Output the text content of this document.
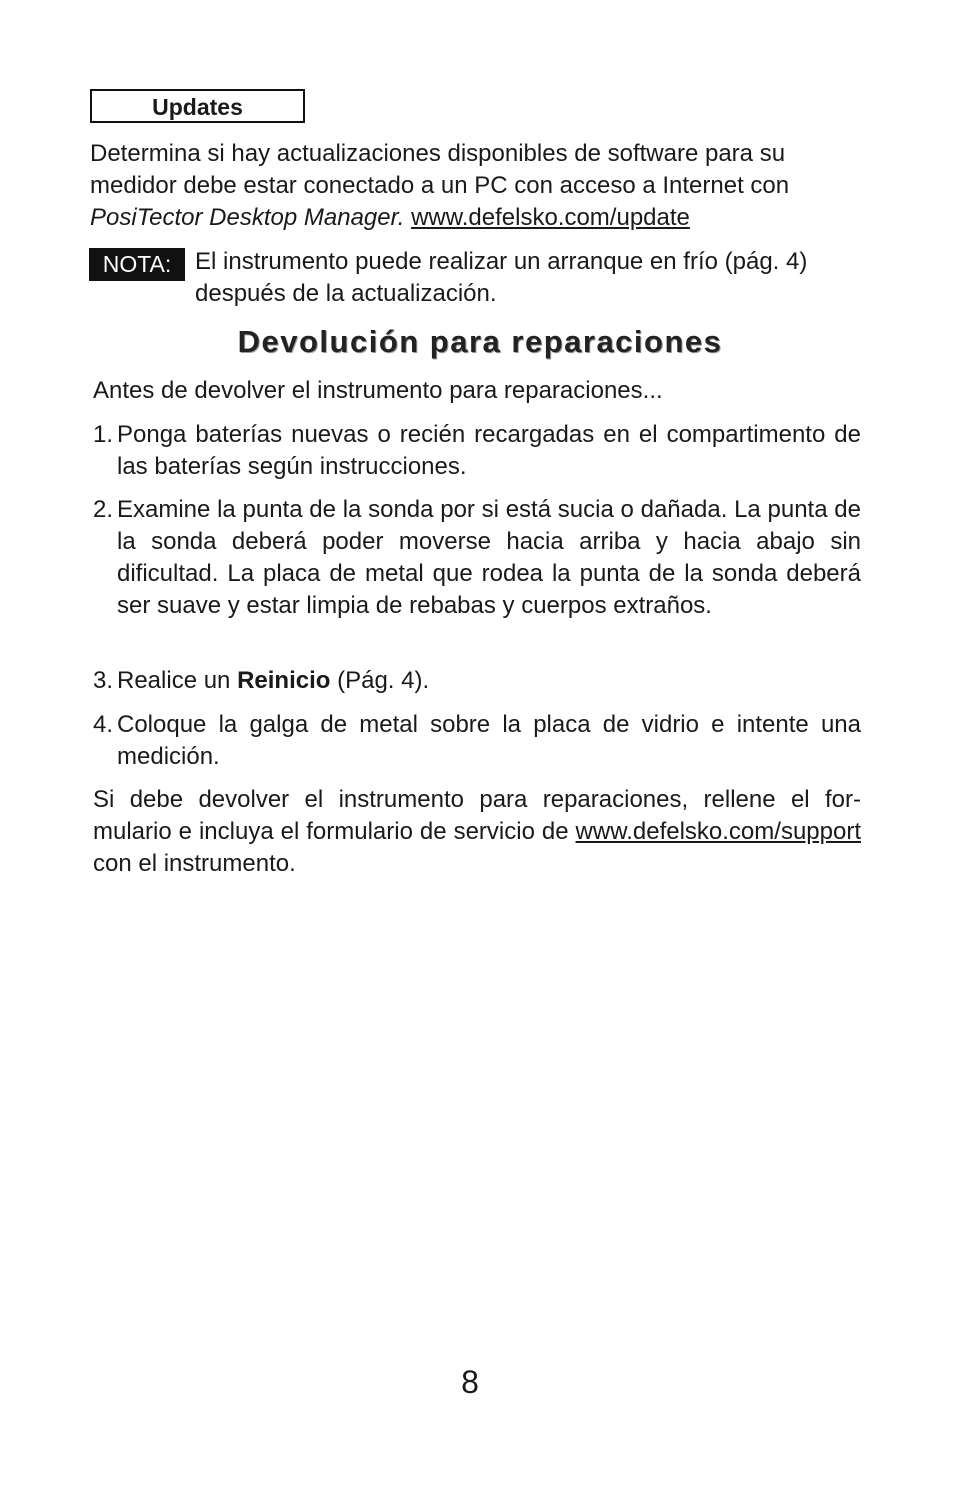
Updates
Determina si hay actualizaciones disponibles de software para su medidor debe estar conectado a un PC con acceso a Internet con PosiTector Desktop Manager. www.defelsko.com/update
NOTA: El instrumento puede realizar un arranque en frío (pág. 4) después de la actualización.
Devolución para reparaciones
Antes de devolver el instrumento para reparaciones...
1. Ponga baterías nuevas o recién recargadas en el compartimento de las baterías según instrucciones.
2. Examine la punta de la sonda por si está sucia o dañada. La punta de la sonda deberá poder moverse hacia arriba y hacia abajo sin dificultad. La placa de metal que rodea la punta de la sonda deberá ser suave y estar limpia de rebabas y cuerpos extraños.
3. Realice un Reinicio (Pág. 4).
4. Coloque la galga de metal sobre la placa de vidrio e intente una medición.
Si debe devolver el instrumento para reparaciones, rellene el for-mulario e incluya el formulario de servicio de www.defelsko.com/support con el instrumento.
8
